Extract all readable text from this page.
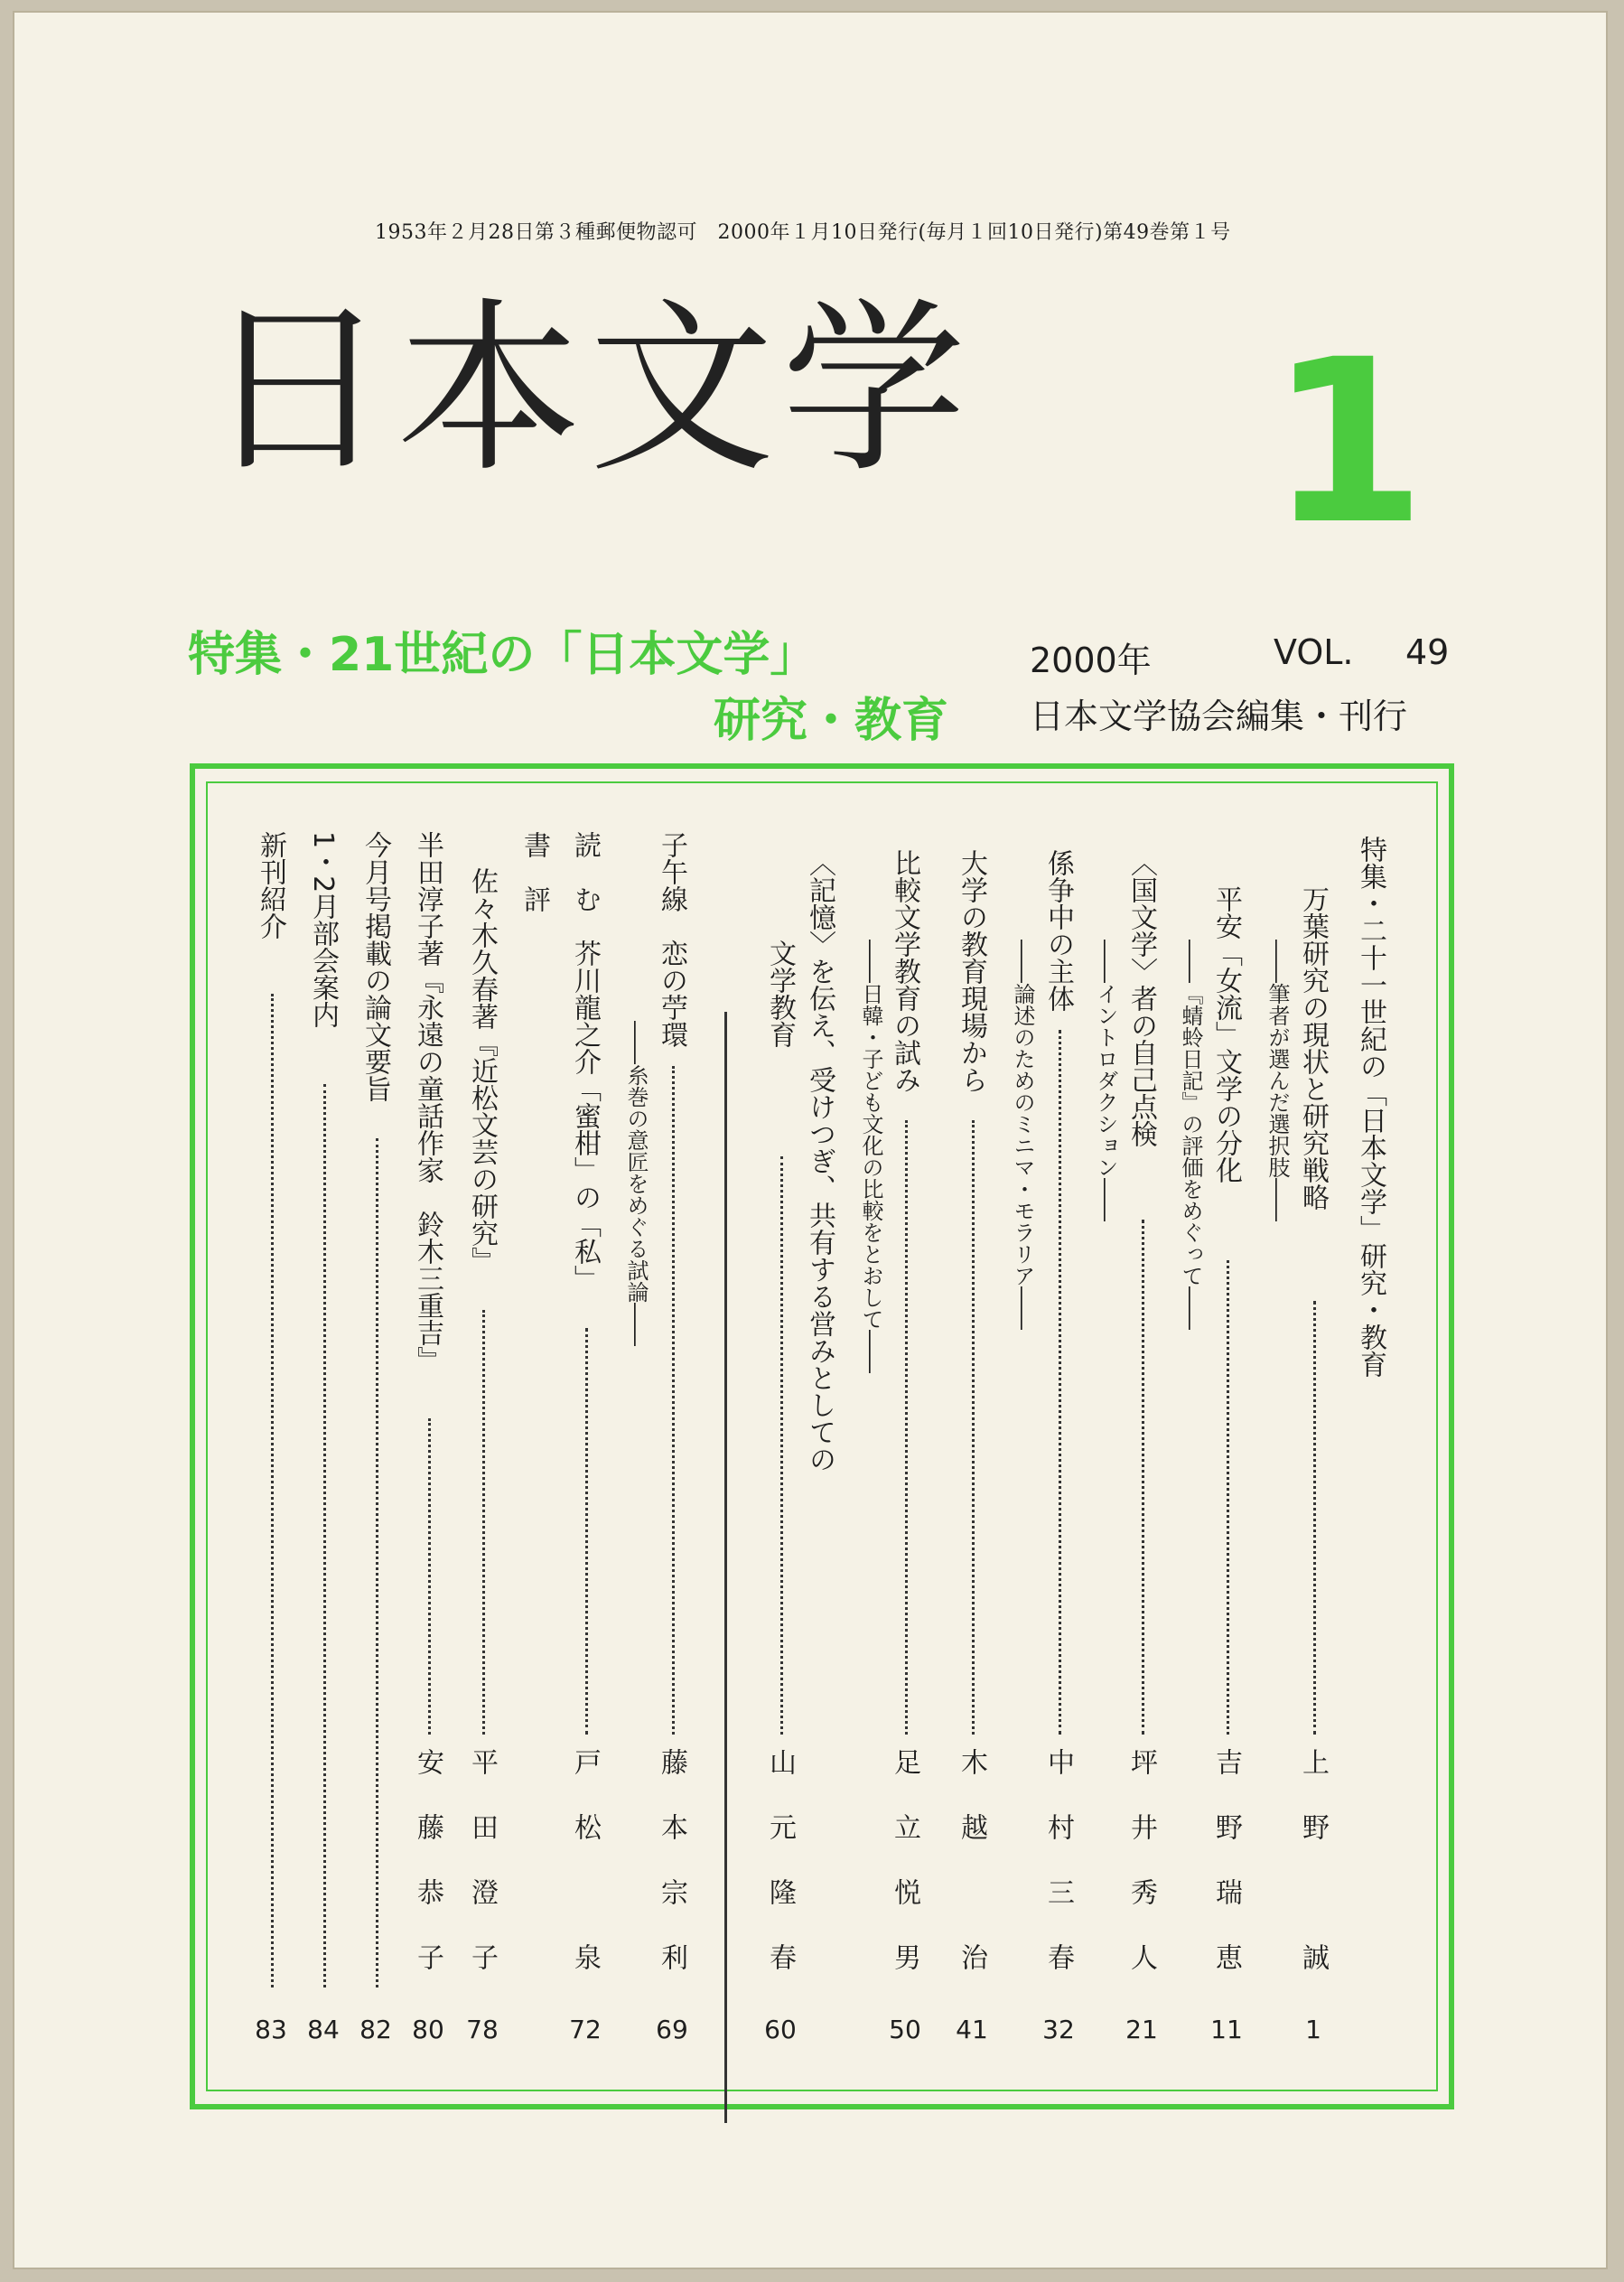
1953年２月28日第３種郵便物認可　2000年１月10日発行(毎月１回10日発行)第49巻第１号
日本文学 1
特集・21世紀の「日本文学」
研究・教育
2000年	VOL. 49
日本文学協会編集・刊行
特集・二十一世紀の「日本文学」研究・教育
万葉研究の現状と研究戦略
――筆者が選んだ選択肢――
上野　誠
1
平安「女流」文学の分化
――『蜻蛉日記』の評価をめぐって――
吉野瑞恵
11
〈国文学〉者の自己点検
――イントロダクション――
坪井秀人
21
係争中の主体
――論述のためのミニマ・モラリア――
中村三春
32
大学の教育現場から
木越　治
41
比較文学教育の試み
――日韓・子ども文化の比較をとおして――
足立悦男
50
〈記憶〉を伝え、受けつぎ、共有する営みとしての
文学教育
山元隆春
60
子午線　恋の苧環
――糸巻の意匠をめぐる試論――
藤本宗利
69
読　む　芥川龍之介「蜜柑」の「私」
戸松　泉
72
書　評
佐々木久春著『近松文芸の研究』
平田澄子
78
半田淳子著『永遠の童話作家　鈴木三重吉』
安藤恭子
80
今月号掲載の論文要旨
82
1・2月部会案内
84
新刊紹介
83
